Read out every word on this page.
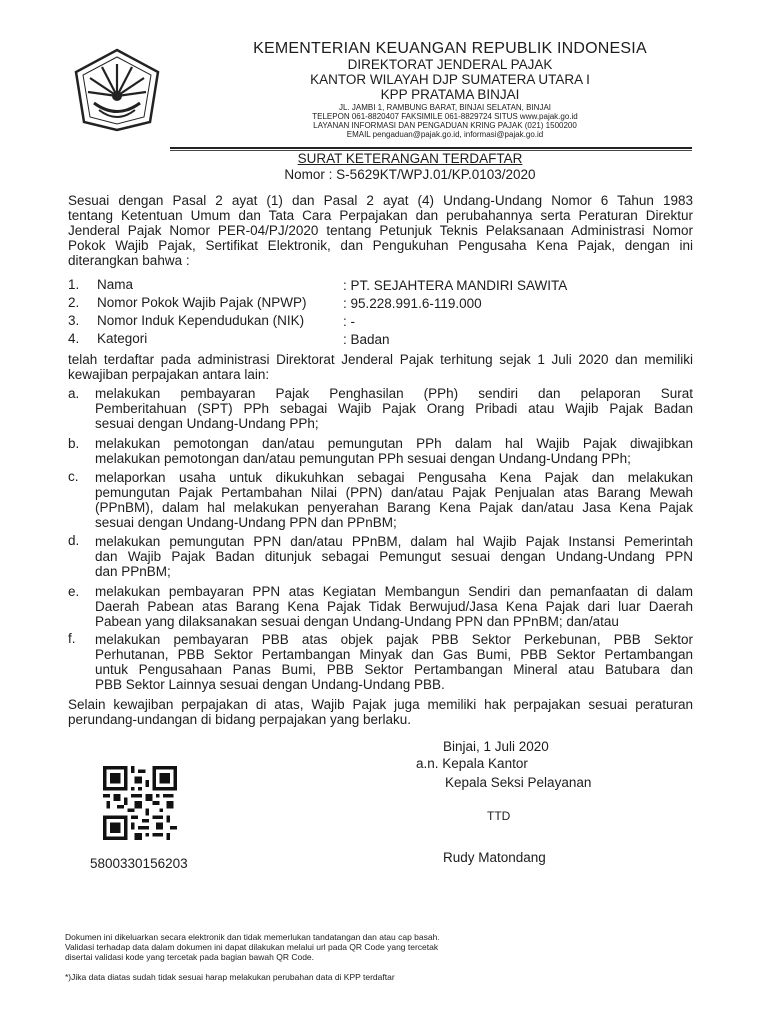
KEMENTERIAN KEUANGAN REPUBLIK INDONESIA
DIREKTORAT JENDERAL PAJAK
KANTOR WILAYAH DJP SUMATERA UTARA I
KPP PRATAMA BINJAI
JL. JAMBI 1, RAMBUNG BARAT, BINJAI SELATAN, BINJAI
TELEPON 061-8820407 FAKSIMILE 061-8829724 SITUS www.pajak.go.id
LAYANAN INFORMASI DAN PENGADUAN KRING PAJAK (021) 1500200
EMAIL pengaduan@pajak.go.id, informasi@pajak.go.id
SURAT KETERANGAN TERDAFTAR
Nomor : S-5629KT/WPJ.01/KP.0103/2020
Sesuai dengan Pasal 2 ayat (1) dan Pasal 2 ayat (4) Undang-Undang Nomor 6 Tahun 1983
tentang Ketentuan Umum dan Tata Cara Perpajakan dan perubahannya serta Peraturan Direktur
Jenderal Pajak Nomor PER-04/PJ/2020 tentang Petunjuk Teknis Pelaksanaan Administrasi Nomor
Pokok Wajib Pajak, Sertifikat Elektronik, dan Pengukuhan Pengusaha Kena Pajak, dengan ini
diterangkan bahwa :
1. Nama	: PT. SEJAHTERA MANDIRI SAWITA
2. Nomor Pokok Wajib Pajak (NPWP)	: 95.228.991.6-119.000
3. Nomor Induk Kependudukan (NIK)	: -
4. Kategori	: Badan
telah terdaftar pada administrasi Direktorat Jenderal Pajak terhitung sejak 1 Juli 2020 dan memiliki
kewajiban perpajakan antara lain:
a. melakukan pembayaran Pajak Penghasilan (PPh) sendiri dan pelaporan Surat
Pemberitahuan (SPT) PPh sebagai Wajib Pajak Orang Pribadi atau Wajib Pajak Badan
sesuai dengan Undang-Undang PPh;
b. melakukan pemotongan dan/atau pemungutan PPh dalam hal Wajib Pajak diwajibkan
melakukan pemotongan dan/atau pemungutan PPh sesuai dengan Undang-Undang PPh;
c. melaporkan usaha untuk dikukuhkan sebagai Pengusaha Kena Pajak dan melakukan
pemungutan Pajak Pertambahan Nilai (PPN) dan/atau Pajak Penjualan atas Barang Mewah
(PPnBM), dalam hal melakukan penyerahan Barang Kena Pajak dan/atau Jasa Kena Pajak
sesuai dengan Undang-Undang PPN dan PPnBM;
d. melakukan pemungutan PPN dan/atau PPnBM, dalam hal Wajib Pajak Instansi Pemerintah
dan Wajib Pajak Badan ditunjuk sebagai Pemungut sesuai dengan Undang-Undang PPN
dan PPnBM;
e. melakukan pembayaran PPN atas Kegiatan Membangun Sendiri dan pemanfaatan di dalam
Daerah Pabean atas Barang Kena Pajak Tidak Berwujud/Jasa Kena Pajak dari luar Daerah
Pabean yang dilaksanakan sesuai dengan Undang-Undang PPN dan PPnBM; dan/atau
f. melakukan pembayaran PBB atas objek pajak PBB Sektor Perkebunan, PBB Sektor
Perhutanan, PBB Sektor Pertambangan Minyak dan Gas Bumi, PBB Sektor Pertambangan
untuk Pengusahaan Panas Bumi, PBB Sektor Pertambangan Mineral atau Batubara dan
PBB Sektor Lainnya sesuai dengan Undang-Undang PBB.
Selain kewajiban perpajakan di atas, Wajib Pajak juga memiliki hak perpajakan sesuai peraturan
perundang-undangan di bidang perpajakan yang berlaku.
Binjai, 1 Juli 2020
a.n. Kepala Kantor
Kepala Seksi Pelayanan
TTD
Rudy Matondang
5800330156203
Dokumen ini dikeluarkan secara elektronik dan tidak memerlukan tandatangan dan atau cap basah.
Validasi terhadap data dalam dokumen ini dapat dilakukan melalui url pada QR Code yang tercetak
disertai validasi kode yang tercetak pada bagian bawah QR Code.
*)Jika data diatas sudah tidak sesuai harap melakukan perubahan data di KPP terdaftar
